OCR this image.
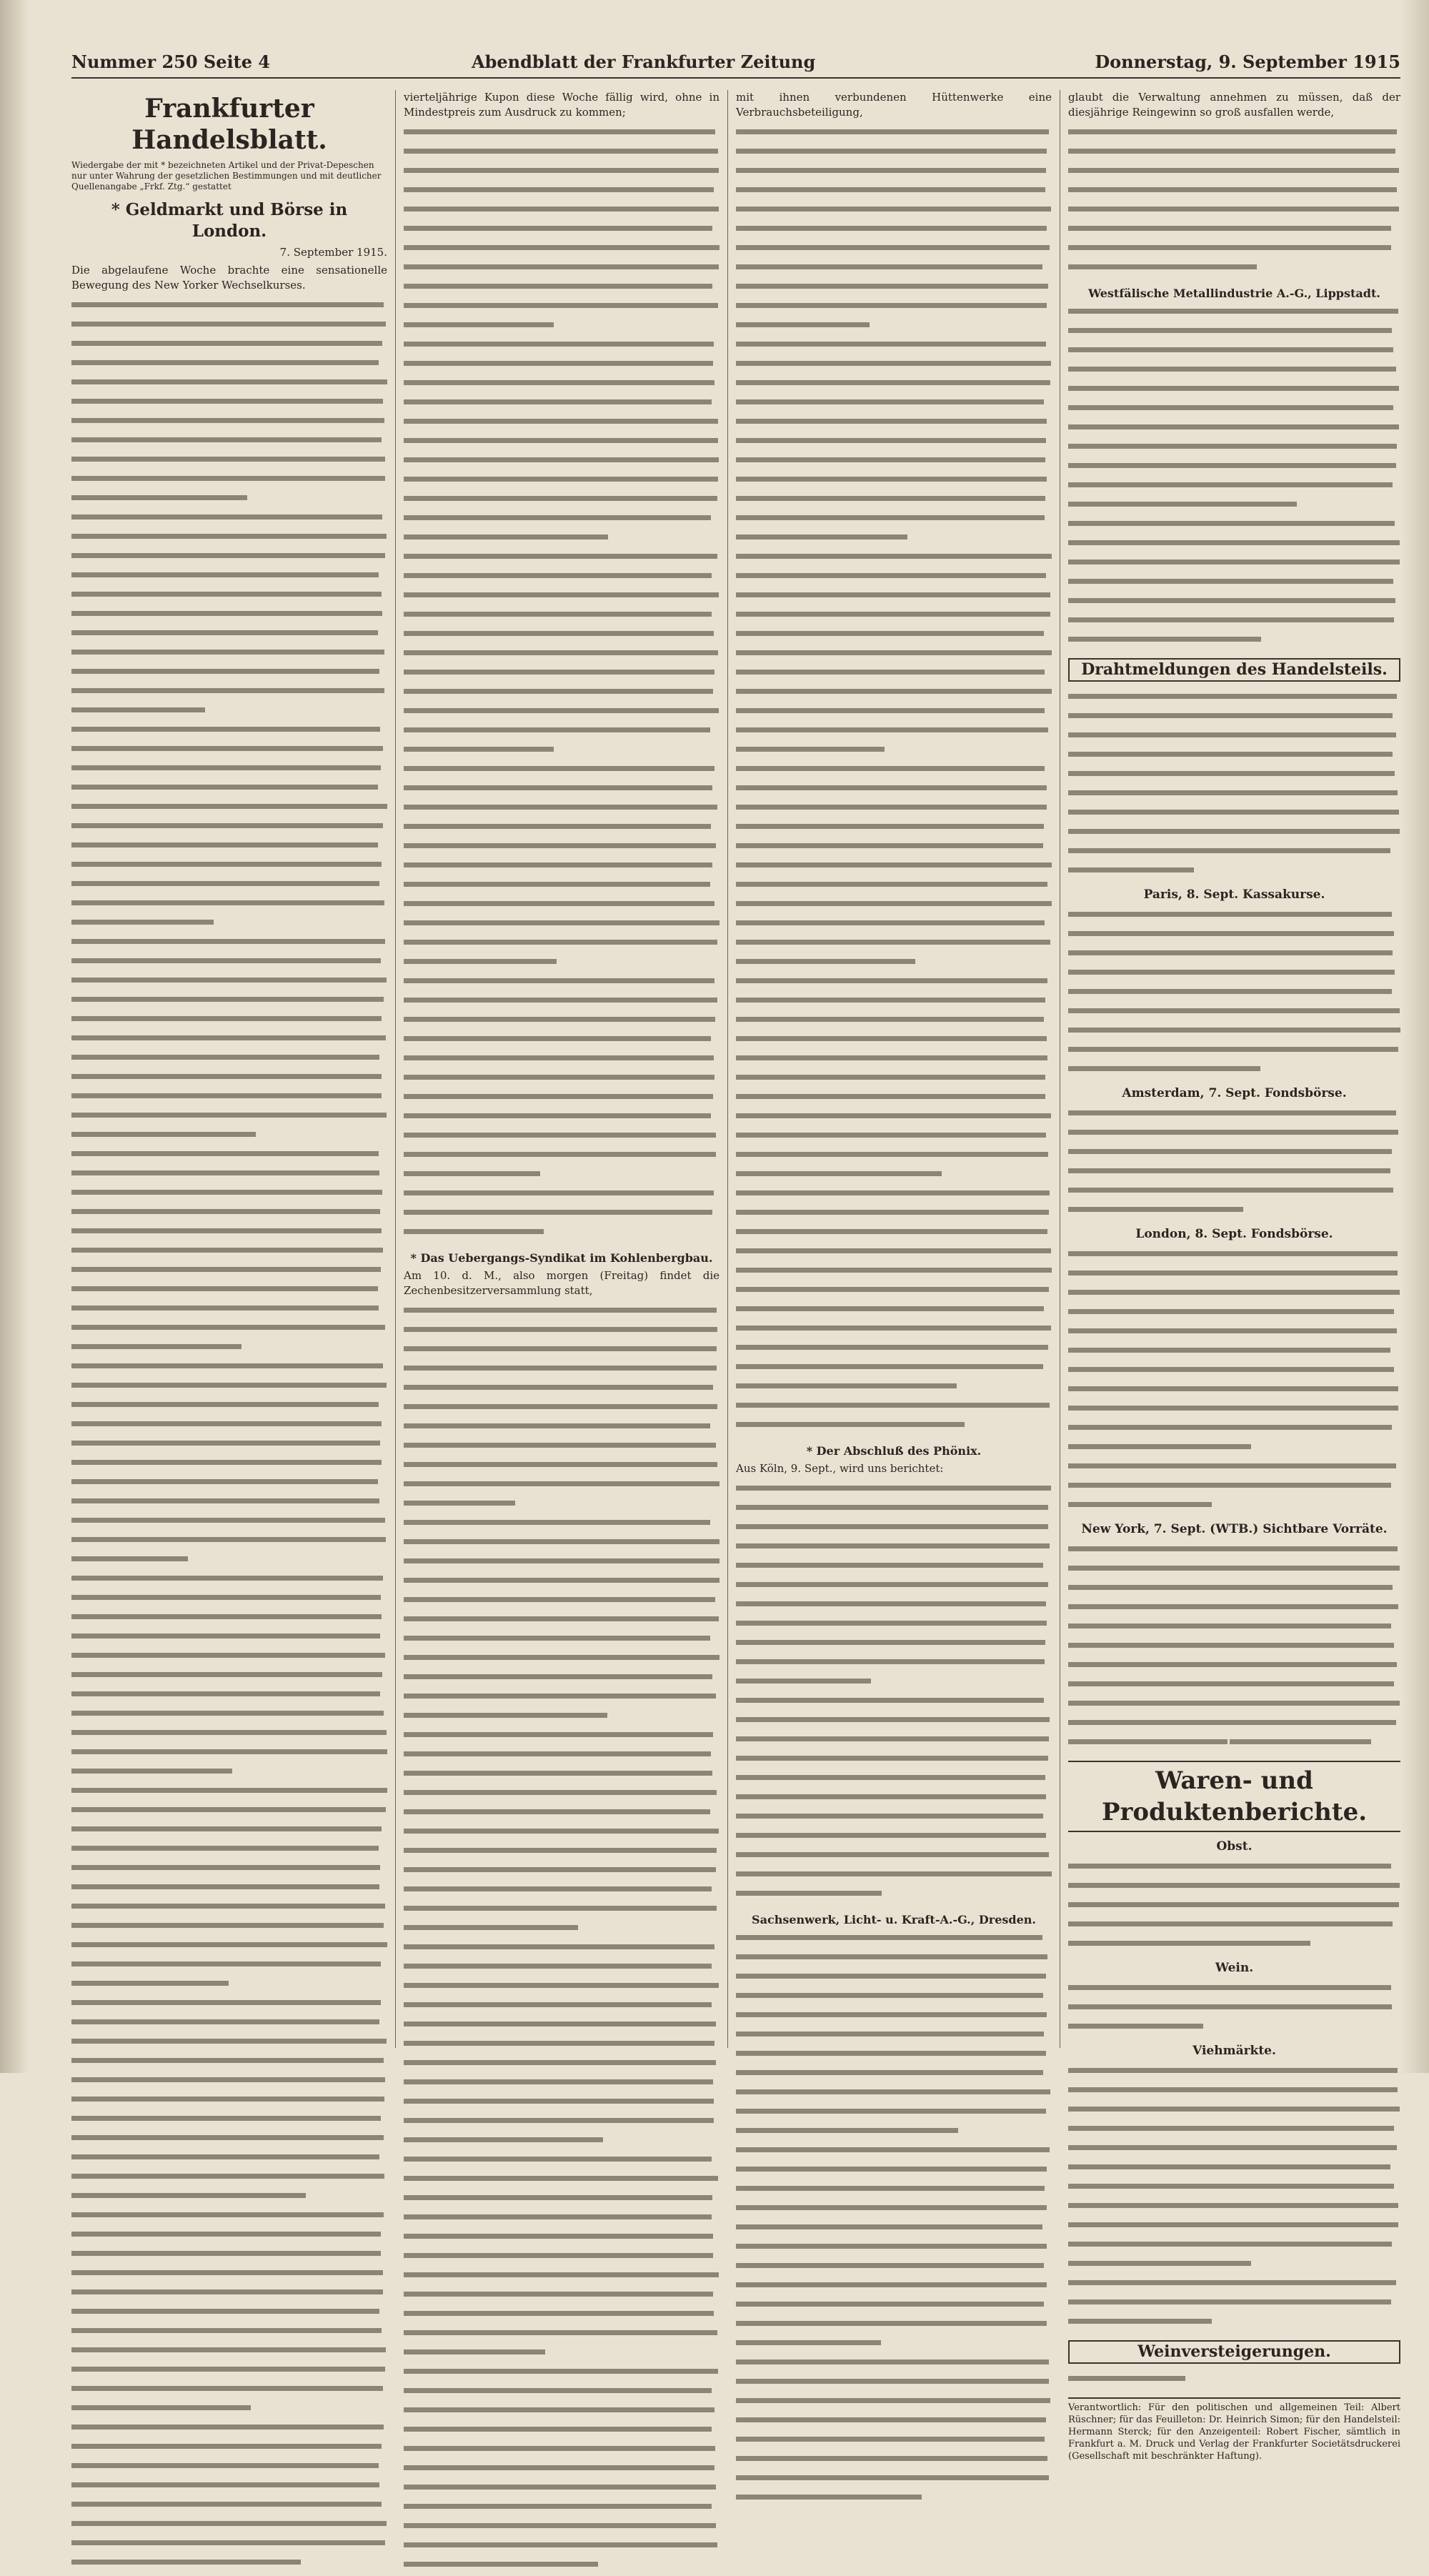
Nummer 250 Seite 4	Abendblatt der Frankfurter Zeitung	Donnerstag, 9. September 1915
Frankfurter Handelsblatt.
Wiedergabe der mit * bezeichneten Artikel und der Privat-Depeschen nur unter Wahrung der gesetzlichen Bestimmungen und mit deutlicher Quellenangabe „Frkf. Ztg.“ gestattet
* Geldmarkt und Börse in London.
7. September 1915.

Die abgelaufene Woche brachte eine sensationelle Bewegung des New Yorker Wechselkurses.

vierteljährige Kupon diese Woche fällig wird, ohne in Mindestpreis zum Ausdruck zu kommen;

* Das Uebergangs-Syndikat im Kohlenbergbau.

Am 10. d. M., also morgen (Freitag) findet die Zechenbesitzerversammlung statt,

mit ihnen verbundenen Hüttenwerke eine Verbrauchsbeteiligung,

* Der Abschluß des Phönix.

Aus Köln, 9. Sept., wird uns berichtet:

Sachsenwerk, Licht- u. Kraft-A.-G., Dresden.

glaubt die Verwaltung annehmen zu müssen, daß der diesjährige Reingewinn so groß ausfallen werde,

Westfälische Metallindustrie A.-G., Lippstadt.
Drahtmeldungen des Handelsteils.
Paris, 8. Sept. Kassakurse.
Amsterdam, 7. Sept. Fondsbörse.
London, 8. Sept. Fondsbörse.
New York, 7. Sept. (WTB.) Sichtbare Vorräte.
Waren- und Produktenberichte.
Obst.
Wein.
Viehmärkte.
Weinversteigerungen.
Verantwortlich: Für den politischen und allgemeinen Teil: Albert Rüschner; für das Feuilleton: Dr. Heinrich Simon; für den Handelsteil: Hermann Sterck; für den Anzeigenteil: Robert Fischer, sämtlich in Frankfurt a. M. Druck und Verlag der Frankfurter Societätsdruckerei (Gesellschaft mit beschränkter Haftung).
